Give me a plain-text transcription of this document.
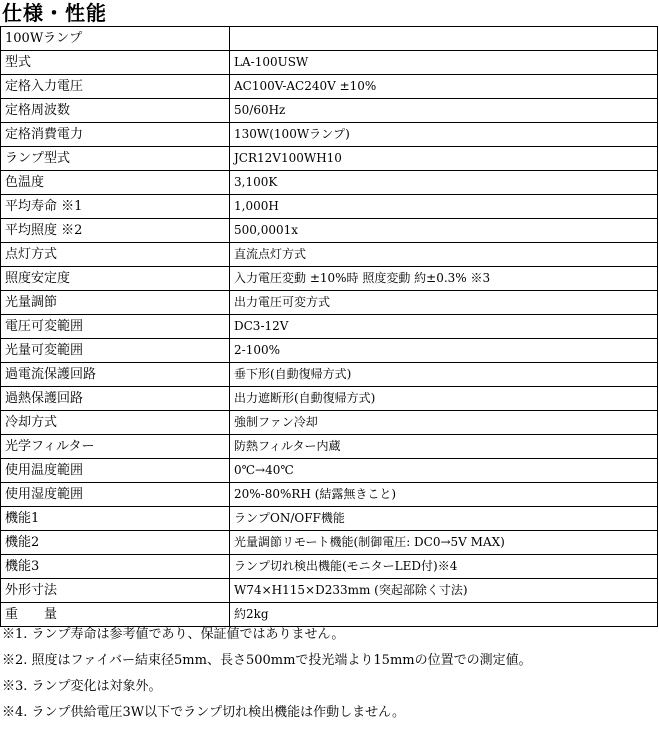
仕様・性能
100Wランプ	
型式	LA-100USW
定格入力電圧	AC100V-AC240V ±10%
定格周波数	50/60Hz
定格消費電力	130W(100Wランプ)
ランプ型式	JCR12V100WH10
色温度	3,100K
平均寿命 ※1	1,000H
平均照度 ※2	500,0001x
点灯方式	直流点灯方式
照度安定度	入力電圧変動 ±10%時 照度変動 約±0.3% ※3
光量調節	出力電圧可変方式
電圧可変範囲	DC3-12V
光量可変範囲	2-100%
過電流保護回路	垂下形(自動復帰方式)
過熱保護回路	出力遮断形(自動復帰方式)
冷却方式	強制ファン冷却
光学フィルター	防熱フィルター内蔵
使用温度範囲	0℃→40℃
使用湿度範囲	20%-80%RH (結露無きこと)
機能1	ランプON/OFF機能
機能2	光量調節リモート機能(制御電圧: DC0→5V MAX)
機能3	ランプ切れ検出機能(モニターLED付)※4
外形寸法	W74×H115×D233mm (突起部除く寸法)
重　　量	約2kg
※1. ランプ寿命は参考値であり、保証値ではありません。
※2. 照度はファイバー結束径5mm、長さ500mmで投光端より15mmの位置での測定値。
※3. ランプ変化は対象外。
※4. ランプ供給電圧3W以下でランプ切れ検出機能は作動しません。
